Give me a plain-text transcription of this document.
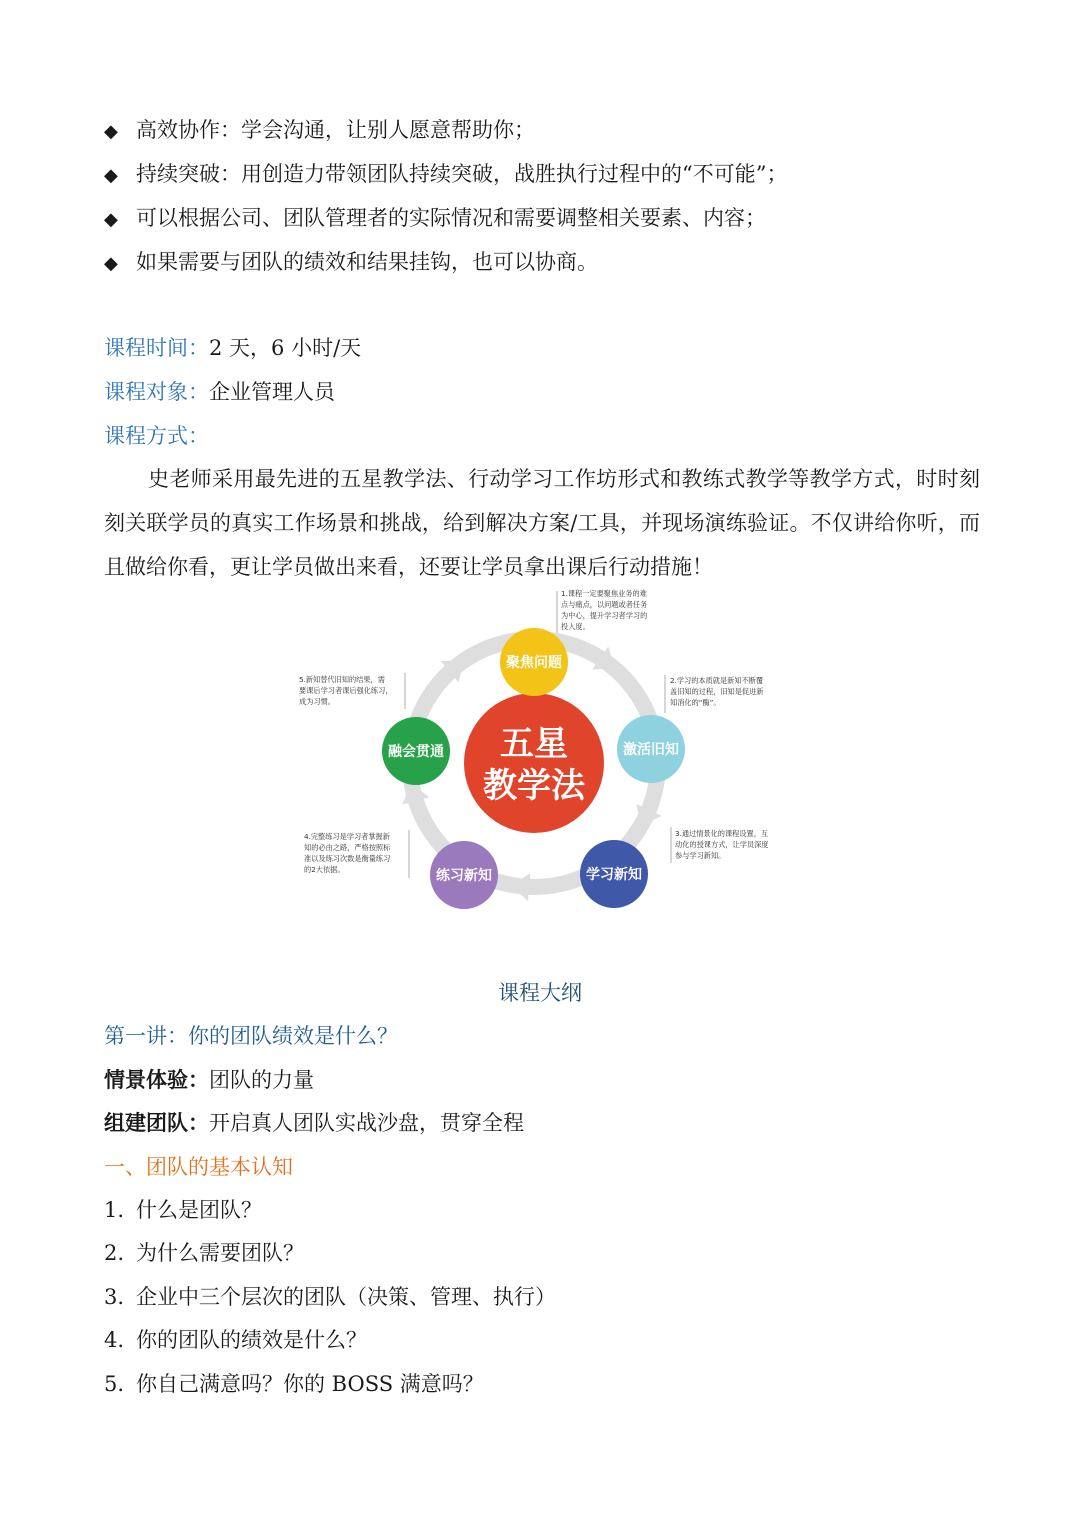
◆ 高效协作：学会沟通，让别人愿意帮助你；
◆ 持续突破：用创造力带领团队持续突破，战胜执行过程中的“不可能”；
◆ 可以根据公司、团队管理者的实际情况和需要调整相关要素、内容；
◆ 如果需要与团队的绩效和结果挂钩，也可以协商。
课程时间：2 天，6 小时/天
课程对象：企业管理人员
课程方式：
史老师采用最先进的五星教学法、行动学习工作坊形式和教练式教学等教学方式，时时刻刻关联学员的真实工作场景和挑战，给到解决方案/工具，并现场演练验证。不仅讲给你听，而且做给你看，更让学员做出来看，还要让学员拿出课后行动措施！
五星
教学法
聚焦问题
激活旧知
学习新知
练习新知
融会贯通
1.课程一定要聚焦业务的难
点与痛点，以问题或者任务
为中心，提升学习者学习的
投入度。
2.学习的本质就是新知不断覆
盖旧知的过程，旧知是促进新
知消化的“酶”。
3.通过情景化的课程设置，互
动化的授课方式，让学员深度
参与学习新知。
4.完整练习是学习者掌握新
知的必由之路，严格按照标
准以及练习次数是衡量练习
的2大依据。
5.新知替代旧知的结果，需
要课后学习者课后强化练习，
成为习惯。
课程大纲
第一讲：你的团队绩效是什么？
情景体验：团队的力量
组建团队：开启真人团队实战沙盘，贯穿全程
一、团队的基本认知
1. 什么是团队？
2. 为什么需要团队？
3. 企业中三个层次的团队（决策、管理、执行）
4. 你的团队的绩效是什么？
5. 你自己满意吗？你的 BOSS 满意吗？
